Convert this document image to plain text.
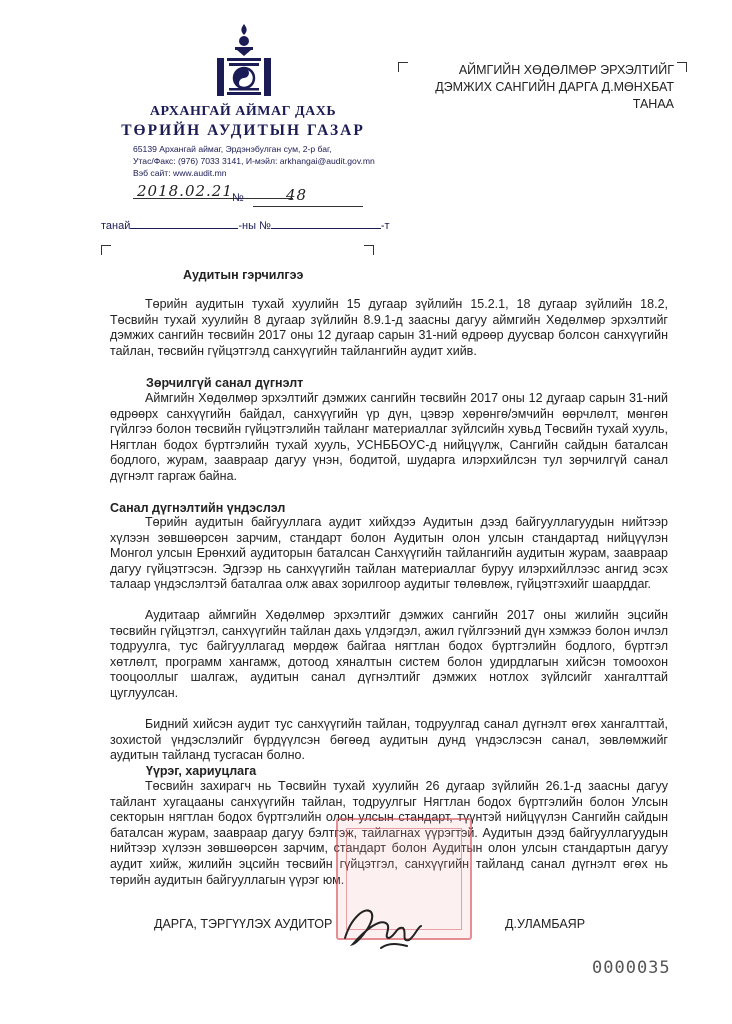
АРХАНГАЙ АЙМАГ ДАХЬ
ТӨРИЙН АУДИТЫН ГАЗАР
65139 Архангай аймаг, Эрдэнэбулган сум, 2-р баг,
Утас/Факс: (976) 7033 3141, И-мэйл: arkhangai@audit.gov.mn
Вэб сайт: www.audit.mn
2018.02.21 №	48
танай	-ны №	-т
АЙМГИЙН ХӨДӨЛМӨР ЭРХЭЛТИЙГ
ДЭМЖИХ САНГИЙН ДАРГА Д.МӨНХБАТ
ТАНАА
Аудитын гэрчилгээ

Төрийн аудитын тухай хуулийн 15 дугаар зүйлийн 15.2.1, 18 дугаар зүйлийн 18.2, Төсвийн тухай хуулийн 8 дугаар зүйлийн 8.9.1-д заасны дагуу аймгийн Хөдөлмөр эрхэлтийг дэмжих сангийн төсвийн 2017 оны 12 дугаар сарын 31-ний өдрөөр дуусвар болсон санхүүгийн тайлан, төсвийн гүйцэтгэлд санхүүгийн тайлангийн аудит хийв.

Зөрчилгүй санал дүгнэлт

Аймгийн Хөдөлмөр эрхэлтийг дэмжих сангийн төсвийн 2017 оны 12 дугаар сарын 31-ний өдрөөрх санхүүгийн байдал, санхүүгийн үр дүн, цэвэр хөрөнгө/эмчийн өөрчлөлт, мөнгөн гүйлгээ болон төсвийн гүйцэтгэлийн тайланг материаллаг зүйлсийн хувьд Төсвийн тухай хууль, Нягтлан бодох бүртгэлийн тухай хууль, УСНББОУС-д нийцүүлж, Сангийн сайдын баталсан бодлого, журам, заавраар дагуу үнэн, бодитой, шударга илэрхийлсэн тул зөрчилгүй санал дүгнэлт гаргаж байна.

Санал дүгнэлтийн үндэслэл

Төрийн аудитын байгууллага аудит хийхдээ Аудитын дээд байгууллагуудын нийтээр хүлээн зөвшөөрсөн зарчим, стандарт болон Аудитын олон улсын стандартад нийцүүлэн Монгол улсын Ерөнхий аудиторын баталсан Санхүүгийн тайлангийн аудитын журам, заавраар дагуу гүйцэтгэсэн. Эдгээр нь санхүүгийн тайлан материаллаг буруу илэрхийллээс ангид эсэх талаар үндэслэлтэй баталгаа олж авах зорилгоор аудитыг төлөвлөж, гүйцэтгэхийг шаарддаг.

Аудитаар аймгийн Хөдөлмөр эрхэлтийг дэмжих сангийн 2017 оны жилийн эцсийн төсвийн гүйцэтгэл, санхүүгийн тайлан дахь үлдэгдэл, ажил гүйлгээний дүн хэмжээ болон ичлэл тодруулга, тус байгууллагад мөрдөж байгаа нягтлан бодох бүртгэлийн бодлого, бүртгэл хөтлөлт, программ хангамж, дотоод хяналтын систем болон удирдлагын хийсэн томоохон тооцооллыг шалгаж, аудитын санал дүгнэлтийг дэмжих нотлох зүйлсийг хангалттай цуглуулсан.

Бидний хийсэн аудит тус санхүүгийн тайлан, тодруулгад санал дүгнэлт өгөх хангалттай, зохистой үндэслэлийг бүрдүүлсэн бөгөөд аудитын дунд үндэслэсэн санал, зөвлөмжийг аудитын тайланд тусгасан болно.

Үүрэг, хариуцлага

Төсвийн захирагч нь Төсвийн тухай хуулийн 26 дугаар зүйлийн 26.1-д заасны дагуу тайлант хугацааны санхүүгийн тайлан, тодруулгыг Нягтлан бодох бүртгэлийн болон Улсын секторын нягтлан бодох бүртгэлийн олон улсын стандарт, түүнтэй нийцүүлэн Сангийн сайдын баталсан журам, заавраар дагуу бэлтгэж, тайлагнах үүрэгтэй. Аудитын дээд байгууллагуудын нийтээр хүлээн зөвшөөрсөн зарчим, стандарт болон Аудитын олон улсын стандартын дагуу аудит хийж, жилийн эцсийн төсвийн гүйцэтгэл, санхүүгийн тайланд санал дүгнэлт өгөх нь төрийн аудитын байгууллагын үүрэг юм.

ДАРГА, ТЭРГҮҮЛЭХ АУДИТОР	Д.УЛАМБАЯР
0000035
